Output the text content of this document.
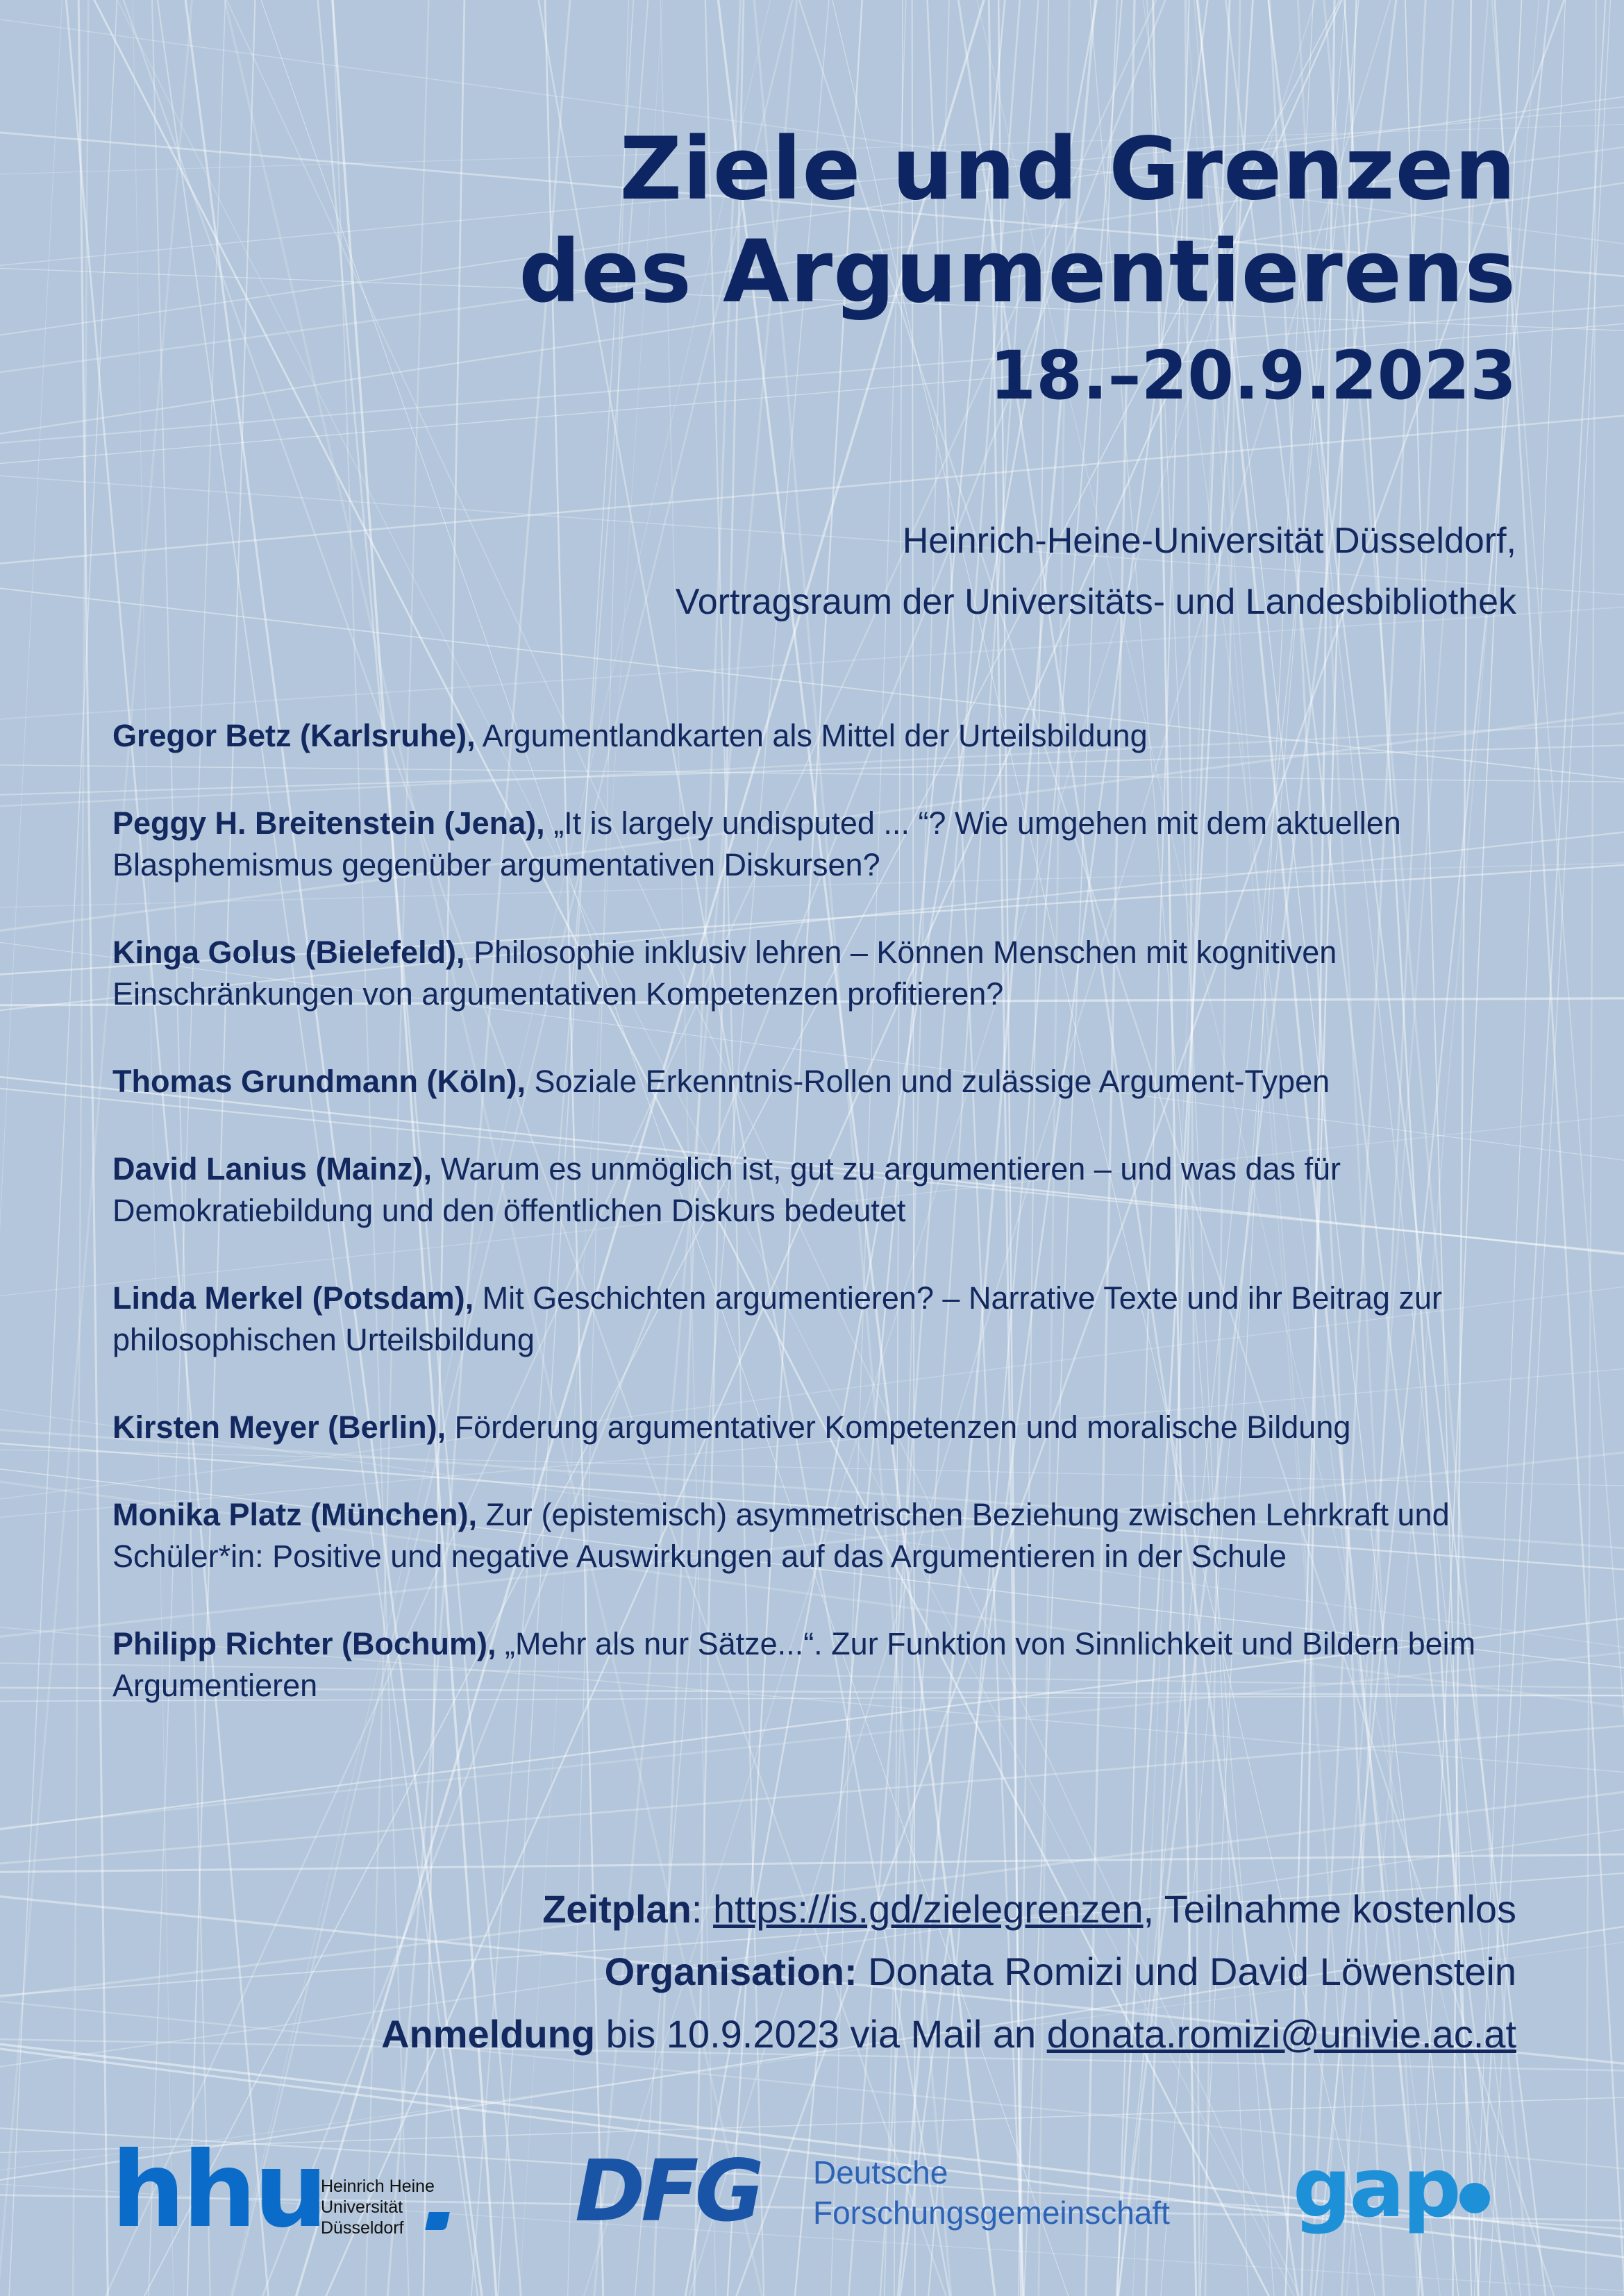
Ziele und Grenzen
des Argumentierens
18.–20.9.2023
Heinrich-Heine-Universität Düsseldorf,
Vortragsraum der Universitäts- und Landesbibliothek

Gregor Betz (Karlsruhe), Argumentlandkarten als Mittel der Urteilsbildung

Peggy H. Breitenstein (Jena), „It is largely undisputed ... “? Wie umgehen mit dem aktuellen Blasphemismus gegenüber argumentativen Diskursen?

Kinga Golus (Bielefeld), Philosophie inklusiv lehren – Können Menschen mit kognitiven Einschränkungen von argumentativen Kompetenzen profitieren?

Thomas Grundmann (Köln), Soziale Erkenntnis-Rollen und zulässige Argument-Typen

David Lanius (Mainz), Warum es unmöglich ist, gut zu argumentieren – und was das für Demokratiebildung und den öffentlichen Diskurs bedeutet

Linda Merkel (Potsdam), Mit Geschichten argumentieren? – Narrative Texte und ihr Beitrag zur philosophischen Urteilsbildung

Kirsten Meyer (Berlin), Förderung argumentativer Kompetenzen und moralische Bildung

Monika Platz (München), Zur (epistemisch) asymmetrischen Beziehung zwischen Lehrkraft und Schüler*in: Positive und negative Auswirkungen auf das Argumentieren in der Schule

Philipp Richter (Bochum), „Mehr als nur Sätze...“. Zur Funktion von Sinnlichkeit und Bildern beim Argumentieren

Zeitplan: https://is.gd/zielegrenzen, Teilnahme kostenlos
Organisation: Donata Romizi und David Löwenstein
Anmeldung bis 10.9.2023 via Mail an donata.romizi@univie.ac.at
hhu
Heinrich Heine
Universität
Düsseldorf	DFG Deutsche
Forschungsgemeinschaft gap
